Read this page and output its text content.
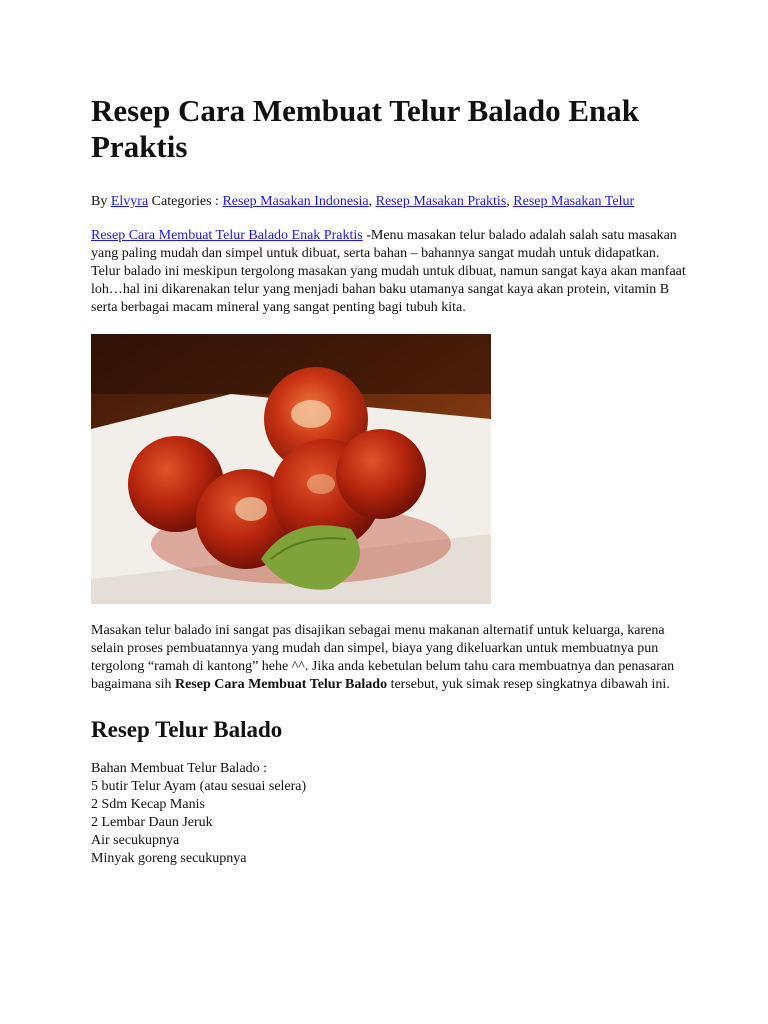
Resep Cara Membuat Telur Balado Enak Praktis
By Elvyra Categories : Resep Masakan Indonesia, Resep Masakan Praktis, Resep Masakan Telur

Resep Cara Membuat Telur Balado Enak Praktis -Menu masakan telur balado adalah salah satu masakan yang paling mudah dan simpel untuk dibuat, serta bahan – bahannya sangat mudah untuk didapatkan. Telur balado ini meskipun tergolong masakan yang mudah untuk dibuat, namun sangat kaya akan manfaat loh…hal ini dikarenakan telur yang menjadi bahan baku utamanya sangat kaya akan protein, vitamin B serta berbagai macam mineral yang sangat penting bagi tubuh kita.

Masakan telur balado ini sangat pas disajikan sebagai menu makanan alternatif untuk keluarga, karena selain proses pembuatannya yang mudah dan simpel, biaya yang dikeluarkan untuk membuatnya pun tergolong “ramah di kantong” hehe ^^. Jika anda kebetulan belum tahu cara membuatnya dan penasaran bagaimana sih Resep Cara Membuat Telur Balado tersebut, yuk simak resep singkatnya dibawah ini.

Resep Telur Balado
Bahan Membuat Telur Balado :
5 butir Telur Ayam (atau sesuai selera)
2 Sdm Kecap Manis
2 Lembar Daun Jeruk
Air secukupnya
Minyak goreng secukupnya
